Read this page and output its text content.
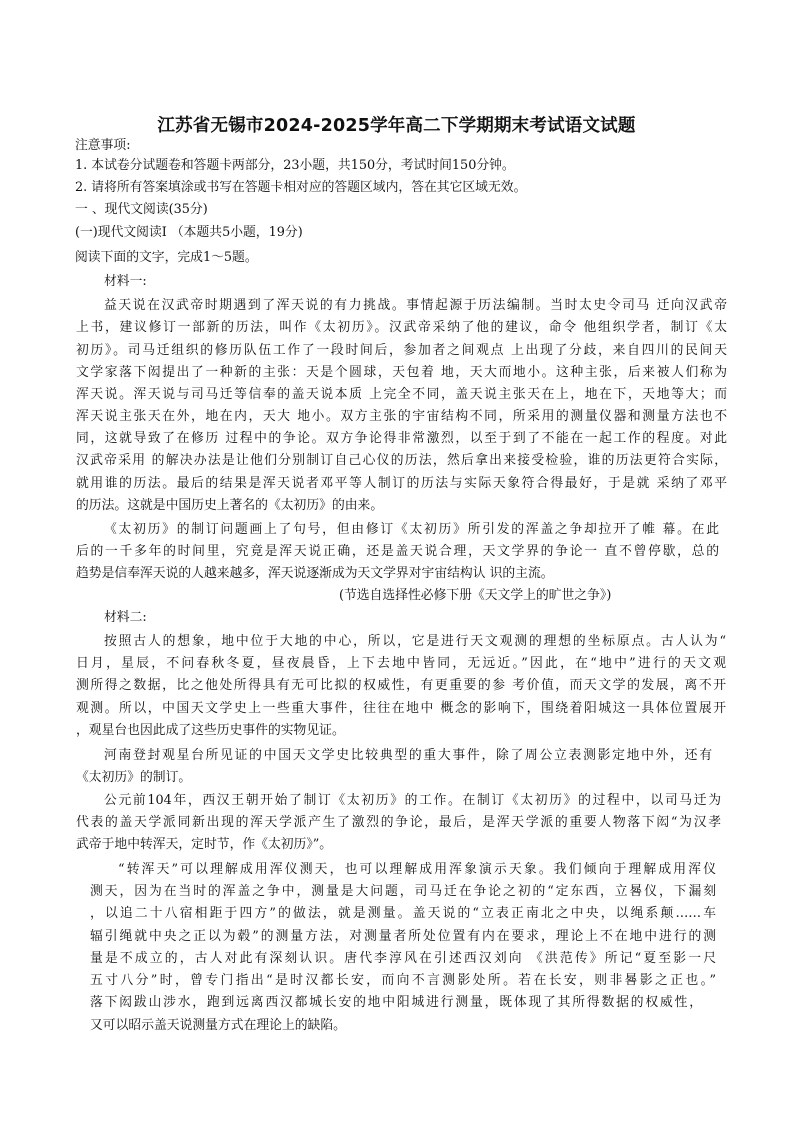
江苏省无锡市2024-2025学年高二下学期期末考试语文试题
注意事项:
1. 本试卷分试题卷和答题卡两部分，23小题，共150分，考试时间150分钟。
2. 请将所有答案填涂或书写在答题卡相对应的答题区域内，答在其它区域无效。
一 、现代文阅读(35分)
(一)现代文阅读Ⅰ （本题共5小题，19分)
阅读下面的文字，完成1～5题。
材料一:
益天说在汉武帝时期遇到了浑天说的有力挑战。事情起源于历法编制。当时太史令司马 迁向汉武帝
上书，建议修订一部新的历法，叫作《太初历》。汉武帝采纳了他的建议，命令 他组织学者，制订《太
初历》。司马迁组织的修历队伍工作了一段时间后，参加者之间观点 上出现了分歧，来自四川的民间天
文学家落下闳提出了一种新的主张：天是个圆球，天包着 地，天大而地小。这种主张，后来被人们称为
浑天说。浑天说与司马迁等信奉的盖天说本质 上完全不同，盖天说主张天在上，地在下，天地等大；而
浑天说主张天在外，地在内，天大 地小。双方主张的宇宙结构不同，所采用的测量仪器和测量方法也不
同，这就导致了在修历 过程中的争论。双方争论得非常激烈，以至于到了不能在一起工作的程度。对此
汉武帝采用 的解决办法是让他们分别制订自己心仪的历法，然后拿出来接受检验，谁的历法更符合实际，
就用谁的历法。最后的结果是浑天说者邓平等人制订的历法与实际天象符合得最好，于是就 采纳了邓平
的历法。这就是中国历史上著名的《太初历》的由来。
《太初历》的制订问题画上了句号，但由修订《太初历》所引发的浑盖之争却拉开了帷 幕。在此
后的一千多年的时间里，究竟是浑天说正确，还是盖天说合理，天文学界的争论一 直不曾停歇，总的
趋势是信奉浑天说的人越来越多，浑天说逐渐成为天文学界对宇宙结构认 识的主流。
(节选自选择性必修下册《天文学上的旷世之争》)
材料二:
按照古人的想象，地中位于大地的中心，所以，它是进行天文观测的理想的坐标原点。古人认为“
日月，星辰，不问春秋冬夏，昼夜晨昏，上下去地中皆同，无远近。”因此，在“地中”进行的天文观
测所得之数据，比之他处所得具有无可比拟的权威性，有更重要的参 考价值，而天文学的发展，离不开
观测。所以，中国天文学史上一些重大事件，往往在地中 概念的影响下，围绕着阳城这一具体位置展开
，观星台也因此成了这些历史事件的实物见证。
河南登封观星台所见证的中国天文学史比较典型的重大事件，除了周公立表测影定地中外，还有
《太初历》的制订。
公元前104年，西汉王朝开始了制订《太初历》的工作。在制订《太初历》的过程中，以司马迁为
代表的盖天学派同新出现的浑天学派产生了激烈的争论，最后，是浑天学派的重要人物落下闳“为汉孝
武帝于地中转浑天，定时节，作《太初历》”。
“转浑天”可以理解成用浑仪测天，也可以理解成用浑象演示天象。我们倾向于理解成用浑仪
测天，因为在当时的浑盖之争中，测量是大问题，司马迁在争论之初的“定东西，立晷仪，下漏刻
，以追二十八宿相距于四方”的做法，就是测量。盖天说的“立表正南北之中央，以绳系颠……车
辐引绳就中央之正以为毂”的测量方法，对测量者所处位置有内在要求，理论上不在地中进行的测
量是不成立的，古人对此有深刻认识。唐代李淳风在引述西汉刘向 《洪范传》所记“夏至影一尺
五寸八分”时，曾专门指出“是时汉都长安，而向不言测影处所。若在长安，则非晷影之正也。”
落下闳跋山涉水，跑到远离西汉都城长安的地中阳城进行测量，既体现了其所得数据的权威性，
又可以昭示盖天说测量方式在理论上的缺陷。
